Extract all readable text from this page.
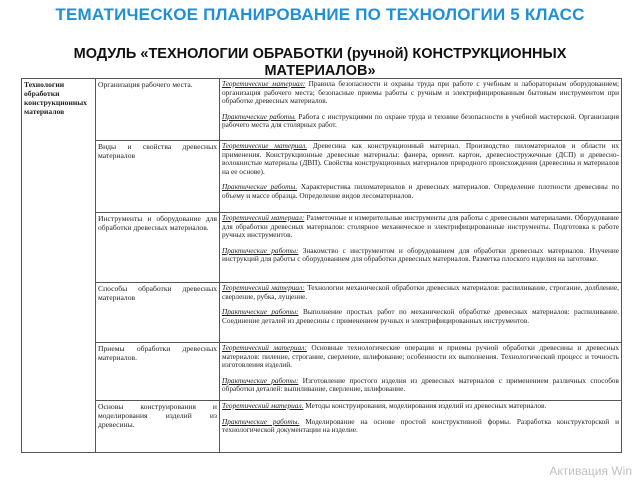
ТЕМАТИЧЕСКОЕ ПЛАНИРОВАНИЕ ПО ТЕХНОЛОГИИ 5 КЛАСС
МОДУЛЬ «ТЕХНОЛОГИИ ОБРАБОТКИ (ручной) КОНСТРУКЦИОННЫХ МАТЕРИАЛОВ»
Технологии обработки конструкционных материалов	Организация рабочего места.	Теоретические материал: Правила безопасности и охраны труда при работе с учебным и лабораторным оборудованием; организация рабочего места; безопасные приемы работы с ручным и электрифицированным бытовым инструментом при обработке древесных материалов.

Практические работы. Работа с инструкциями по охране труда и технике безопасности в учебной мастерской. Организация рабочего места для столярных работ.

	Виды и свойства древесных материалов	Теоретические материал. Древесина как конструкционный материал. Производство пиломатериалов и области их применения. Конструкционные древесные материалы: фанера, ориент. картон, древесностружечные (ДСП) и древесно-волокнистые материалы (ДВП). Свойства конструкционных материалов природного происхождения (древесины и материалов на ее основе).

Практические работы. Характеристика пиломатериалов и древесных материалов. Определение плотности древесины по объему и массе образца. Определение видов лесоматериалов.

	Инструменты и оборудование для обработки древесных материалов.	Теоретический материал: Разметочные и измерительные инструменты для работы с древесными материалами. Оборудование для обработки древесных материалов: столярное механическое и электрифицированные инструменты. Подготовка к работе ручных инструментов.

Практические работы: Знакомство с инструментом и оборудованием для обработки древесных материалов. Изучение инструкций для работы с оборудованием для обработки древесных материалов. Разметка плоского изделия на заготовке.

	Способы обработки древесных материалов	Теоретический материал: Технологии механической обработки древесных материалов: распиливание, строгание, долбление, сверление, рубка, лущение.

Практические работы: Выполнение простых работ по механической обработке древесных материалов: распиливание. Соединение деталей из древесины с применением ручных и электрифицированных инструментов.

	Приемы обработки древесных материалов.	Теоретический материал: Основные технологические операции и приемы ручной обработки древесины и древесных материалов: пиление, строгание, сверление, шлифование; особенности их выполнения. Технологический процесс и точность изготовления изделий.

Практические работы: Изготовление простого изделия из древесных материалов с применением различных способов обработки деталей: выпиливание, сверление, шлифование.

	Основы конструирования и моделирования изделий из древесины.	Теоретический материал. Методы конструирования, моделирования изделий из древесных материалов.

Практические работы. Моделирование на основе простой конструктивной формы. Разработка конструкторской и технологической документации на изделие.

Активация Win
